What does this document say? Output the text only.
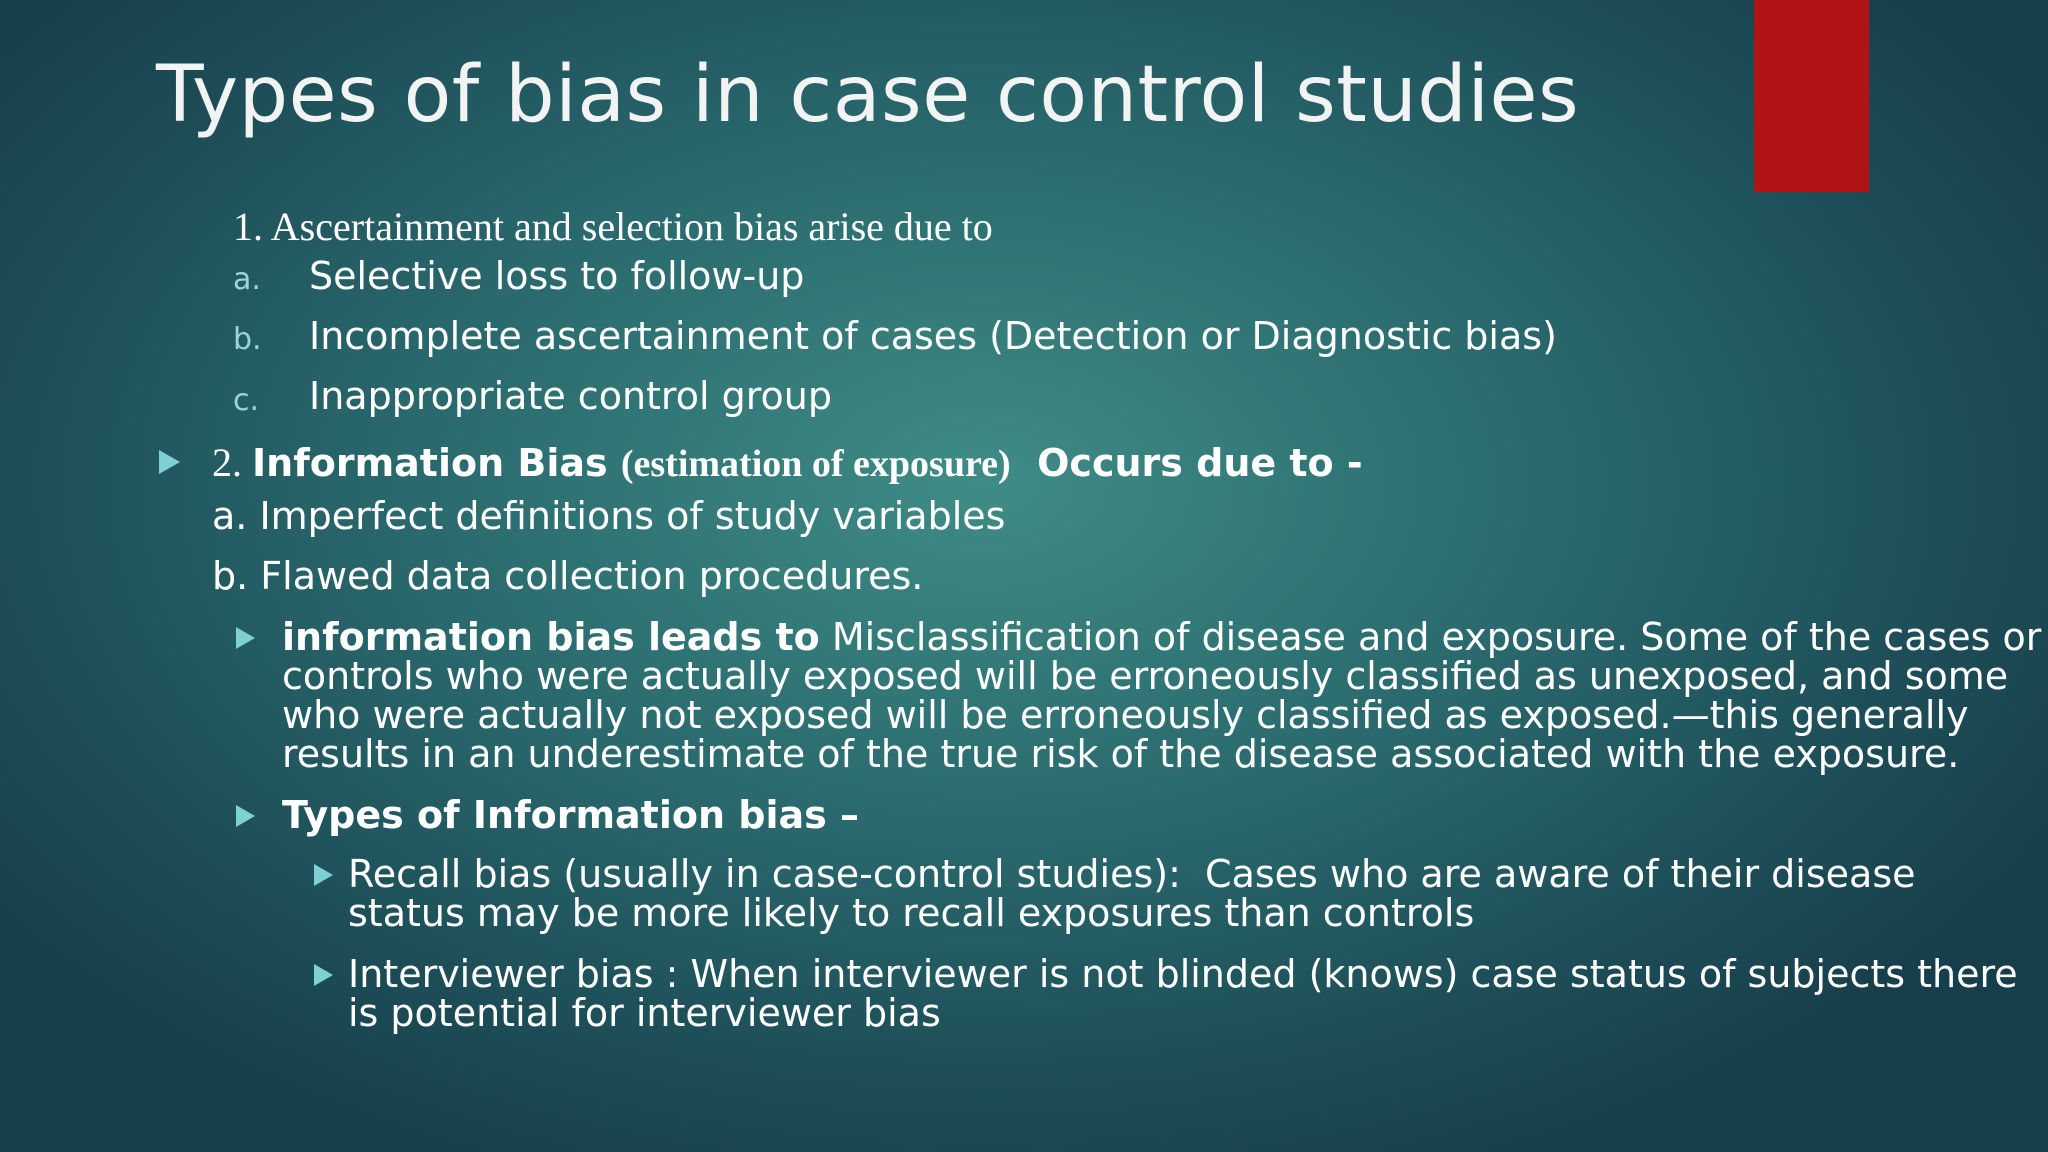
Types of bias in case control studies
1. Ascertainment and selection bias arise due to
a. Selective loss to follow-up
b. Incomplete ascertainment of cases (Detection or Diagnostic bias)
c. Inappropriate control group
2. Information Bias (estimation of exposure)  Occurs due to -
a. Imperfect definitions of study variables
b. Flawed data collection procedures.
information bias leads to Misclassification of disease and exposure. Some of the cases or
controls who were actually exposed will be erroneously classified as unexposed, and some
who were actually not exposed will be erroneously classified as exposed.—this generally
results in an underestimate of the true risk of the disease associated with the exposure.
Types of Information bias –
Recall bias (usually in case-control studies):  Cases who are aware of their disease
status may be more likely to recall exposures than controls
Interviewer bias : When interviewer is not blinded (knows) case status of subjects there
is potential for interviewer bias
